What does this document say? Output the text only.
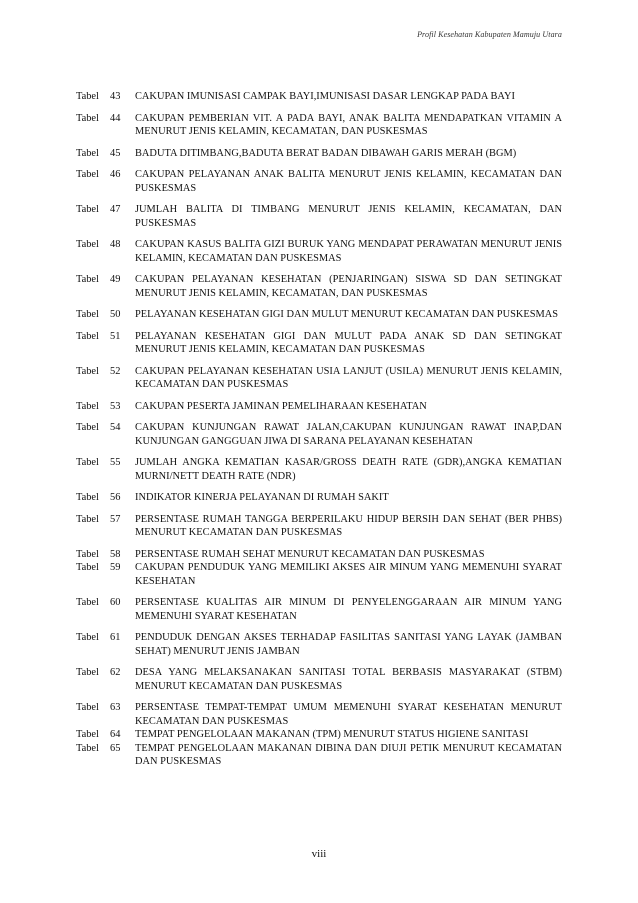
Profil Kesehatan Kabupaten Mamuju Utara
Tabel	43	CAKUPAN IMUNISASI CAMPAK BAYI,IMUNISASI DASAR LENGKAP PADA BAYI
Tabel	44	CAKUPAN PEMBERIAN VIT. A PADA BAYI, ANAK BALITA MENDAPATKAN VITAMIN A MENURUT JENIS KELAMIN, KECAMATAN, DAN PUSKESMAS
Tabel	45	BADUTA DITIMBANG,BADUTA BERAT BADAN DIBAWAH GARIS MERAH (BGM)
Tabel	46	CAKUPAN PELAYANAN ANAK BALITA MENURUT JENIS KELAMIN, KECAMATAN DAN PUSKESMAS
Tabel	47	JUMLAH BALITA DI TIMBANG MENURUT JENIS KELAMIN, KECAMATAN, DAN PUSKESMAS
Tabel	48	CAKUPAN KASUS BALITA GIZI BURUK YANG MENDAPAT PERAWATAN MENURUT JENIS KELAMIN, KECAMATAN DAN PUSKESMAS
Tabel	49	CAKUPAN PELAYANAN KESEHATAN (PENJARINGAN) SISWA SD DAN SETINGKAT MENURUT JENIS KELAMIN, KECAMATAN, DAN PUSKESMAS
Tabel	50	PELAYANAN KESEHATAN GIGI DAN MULUT MENURUT KECAMATAN DAN PUSKESMAS
Tabel	51	PELAYANAN KESEHATAN GIGI DAN MULUT PADA ANAK SD DAN SETINGKAT MENURUT JENIS KELAMIN, KECAMATAN DAN PUSKESMAS
Tabel	52	CAKUPAN PELAYANAN KESEHATAN USIA LANJUT (USILA) MENURUT JENIS KELAMIN, KECAMATAN DAN PUSKESMAS
Tabel	53	CAKUPAN PESERTA JAMINAN PEMELIHARAAN KESEHATAN
Tabel	54	CAKUPAN KUNJUNGAN RAWAT JALAN,CAKUPAN KUNJUNGAN RAWAT INAP,DAN KUNJUNGAN GANGGUAN JIWA DI SARANA PELAYANAN KESEHATAN
Tabel	55	JUMLAH ANGKA KEMATIAN KASAR/GROSS DEATH RATE (GDR),ANGKA KEMATIAN MURNI/NETT DEATH RATE (NDR)
Tabel	56	INDIKATOR KINERJA PELAYANAN DI RUMAH SAKIT
Tabel	57	PERSENTASE RUMAH TANGGA BERPERILAKU HIDUP BERSIH DAN SEHAT (BER PHBS) MENURUT KECAMATAN DAN PUSKESMAS
Tabel	58	PERSENTASE RUMAH SEHAT MENURUT KECAMATAN DAN PUSKESMAS
Tabel	59	CAKUPAN PENDUDUK YANG MEMILIKI AKSES AIR MINUM YANG MEMENUHI SYARAT KESEHATAN
Tabel	60	PERSENTASE KUALITAS AIR MINUM DI PENYELENGGARAAN AIR MINUM YANG MEMENUHI SYARAT KESEHATAN
Tabel	61	PENDUDUK DENGAN AKSES TERHADAP FASILITAS SANITASI YANG LAYAK (JAMBAN SEHAT) MENURUT JENIS JAMBAN
Tabel	62	DESA YANG MELAKSANAKAN SANITASI TOTAL BERBASIS MASYARAKAT (STBM) MENURUT KECAMATAN DAN PUSKESMAS
Tabel	63	PERSENTASE TEMPAT-TEMPAT UMUM MEMENUHI SYARAT KESEHATAN MENURUT KECAMATAN DAN PUSKESMAS
Tabel	64	TEMPAT PENGELOLAAN MAKANAN (TPM) MENURUT STATUS HIGIENE SANITASI
Tabel	65	TEMPAT PENGELOLAAN MAKANAN DIBINA DAN DIUJI PETIK MENURUT KECAMATAN DAN PUSKESMAS
viii
